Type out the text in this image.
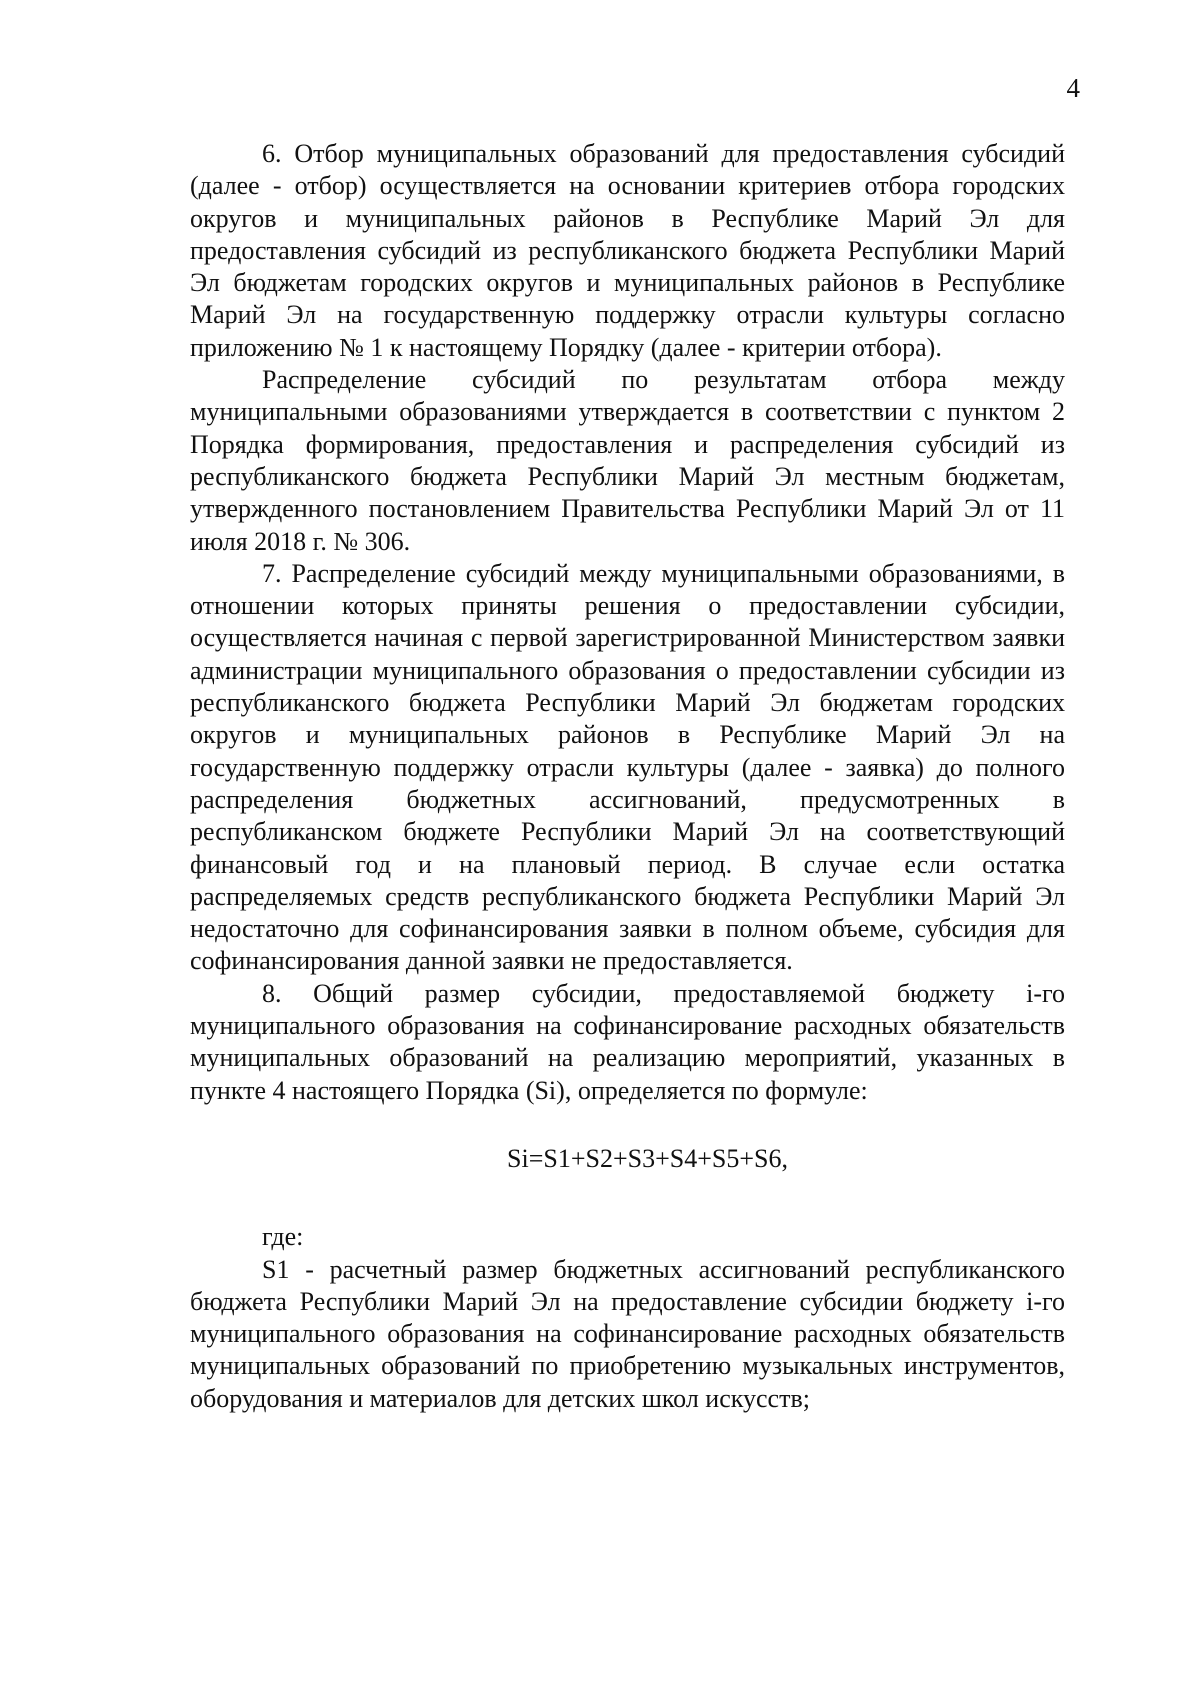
4

6. Отбор муниципальных образований для предоставления субсидий (далее - отбор) осуществляется на основании критериев отбора городских округов и муниципальных районов в Республике Марий Эл для предоставления субсидий из республиканского бюджета Республики Марий Эл бюджетам городских округов и муниципальных районов в Республике Марий Эл на государственную поддержку отрасли культуры согласно приложению № 1 к настоящему Порядку (далее - критерии отбора).

Распределение субсидий по результатам отбора между муниципальными образованиями утверждается в соответствии с пунктом 2 Порядка формирования, предоставления и распределения субсидий из республиканского бюджета Республики Марий Эл местным бюджетам, утвержденного постановлением Правительства Республики Марий Эл от 11 июля 2018 г. № 306.

7. Распределение субсидий между муниципальными образованиями, в отношении которых приняты решения о предоставлении субсидии, осуществляется начиная с первой зарегистрированной Министерством заявки администрации муниципального образования о предоставлении субсидии из республиканского бюджета Республики Марий Эл бюджетам городских округов и муниципальных районов в Республике Марий Эл на государственную поддержку отрасли культуры (далее - заявка) до полного распределения бюджетных ассигнований, предусмотренных в республиканском бюджете Республики Марий Эл на соответствующий финансовый год и на плановый период. В случае если остатка распределяемых средств республиканского бюджета Республики Марий Эл недостаточно для софинансирования заявки в полном объеме, субсидия для софинансирования данной заявки не предоставляется.

8. Общий размер субсидии, предоставляемой бюджету i-го муниципального образования на софинансирование расходных обязательств муниципальных образований на реализацию мероприятий, указанных в пункте 4 настоящего Порядка (Si), определяется по формуле:

Si=S1+S2+S3+S4+S5+S6,

где:

S1 - расчетный размер бюджетных ассигнований республиканского бюджета Республики Марий Эл на предоставление субсидии бюджету i-го муниципального образования на софинансирование расходных обязательств муниципальных образований по приобретению музыкальных инструментов, оборудования и материалов для детских школ искусств;
